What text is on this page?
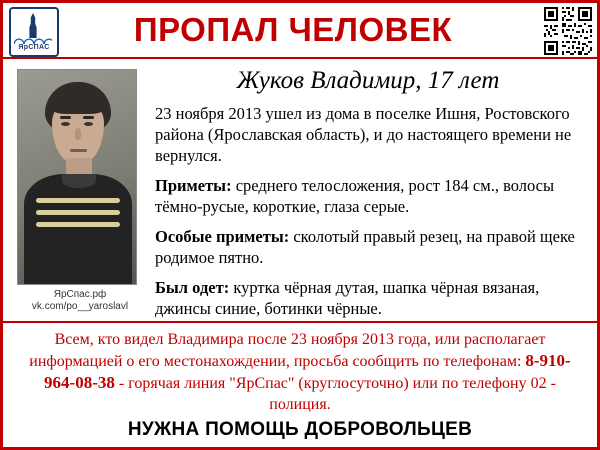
ЯрСПАС	ПРОПАЛ ЧЕЛОВЕК
ЯрСпас.рф
vk.com/po__yaroslavl
Жуков Владимир, 17 лет
23 ноября 2013 ушел из дома в поселке Ишня, Ростовского района (Ярославская область), и до настоящего времени не вернулся.
Приметы: среднего телосложения, рост 184 см., волосы тёмно-русые, короткие, глаза серые.
Особые приметы: сколотый правый резец, на правой щеке родимое пятно.
Был одет: куртка чёрная дутая, шапка чёрная вязаная, джинсы синие, ботинки чёрные.
Всем, кто видел Владимира после 23 ноября 2013 года, или располагает информацией о его местонахождении, просьба сообщить по телефонам: 8-910-964-08-38 - горячая линия "ЯрСпас" (круглосуточно) или по телефону 02 - полиция.
НУЖНА ПОМОЩЬ ДОБРОВОЛЬЦЕВ
